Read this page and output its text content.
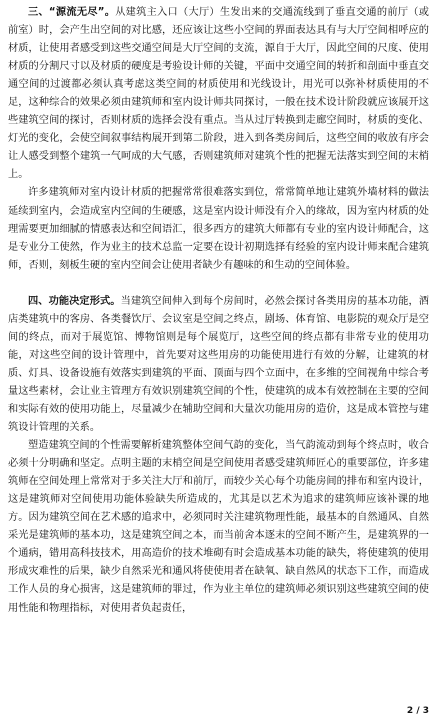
三、“源流无尽”。从建筑主入口（大厅）生发出来的交通流线到了垂直交通的前厅（或前室）时，会产生出空间的对比感，还应该让这些小空间的界面表达具有与大厅空间相呼应的材质，让使用者感受到这些交通空间是大厅空间的支流，源自于大厅，因此空间的尺度、使用材质的分割尺寸以及材质的硬度是考验设计师的关键，平面中交通空间的转折和剖面中垂直交通空间的过渡都必须认真考虑这类空间的材质使用和光线设计，用光可以弥补材质使用的不足，这种综合的效果必须由建筑师和室内设计师共同探讨，一般在技术设计阶段就应该展开这些建筑空间的探讨，否则材质的选择会没有重点。当从过厅转换到走廊空间时，材质的变化、灯光的变化，会使空间叙事结构展开到第二阶段，进入到各类房间后，这些空间的收放有序会让人感受到整个建筑一气呵成的大气感，否则建筑师对建筑个性的把握无法落实到空间的末梢上。

许多建筑师对室内设计材质的把握常常很难落实到位，常常简单地让建筑外墙材料的做法延续到室内，会造成室内空间的生硬感，这是室内设计师没有介入的缘故，因为室内材质的处理需要更加细腻的情感表达和空间语汇，很多西方的建筑大师都有专业的室内设计师配合，这是专业分工使然，作为业主的技术总监一定要在设计初期选择有经验的室内设计师来配合建筑师，否则，刻板生硬的室内空间会让使用者缺少有趣味的和生动的空间体验。

四、功能决定形式。当建筑空间伸入到每个房间时，必然会探讨各类用房的基本功能，酒店类建筑中的客房、各类餐饮厅、会议室是空间之终点，剧场、体育馆、电影院的观众厅是空间的终点，而对于展览馆、博物馆则是每个展览厅，这些空间的终点都有非常专业的使用功能，对这些空间的设计管理中，首先要对这些用房的功能使用进行有效的分解，让建筑的材质、灯具、设备设施有效落实到建筑的平面、顶面与四个立面中，在多维的空间视角中综合考量这些素材，会让业主管理方有效识别建筑空间的个性，使建筑的成本有效控制在主要的空间和实际有效的使用功能上，尽量减少在辅助空间和大量次功能用房的造价，这是成本管控与建筑设计管理的关系。

塑造建筑空间的个性需要解析建筑整体空间气韵的变化，当气韵流动到每个终点时，收合必须十分明确和坚定。点明主题的末梢空间是空间使用者感受建筑师匠心的重要部位，许多建筑师在空间处理上常常对于多关注大厅和前厅，而较少关心每个功能房间的排布和室内设计，这是建筑师对空间使用功能体验缺失所造成的，尤其是以艺术为追求的建筑师应该补课的地方。因为建筑空间在艺术感的追求中，必须同时关注建筑物理性能，最基本的自然通风、自然采光是建筑师的基本功，这是建筑空间之本，而当前舍本逐末的空间不断产生，是建筑界的一个通病，错用高科技技术，用高造价的技术堆砌有时会造成基本功能的缺失，将使建筑的使用形成灾难性的后果，缺少自然采光和通风将使使用者在缺氧、缺自然风的状态下工作，而造成工作人员的身心损害，这是建筑师的罪过，作为业主单位的建筑师必须识别这些建筑空间的使用性能和物理指标，对使用者负起责任，

2 / 3
